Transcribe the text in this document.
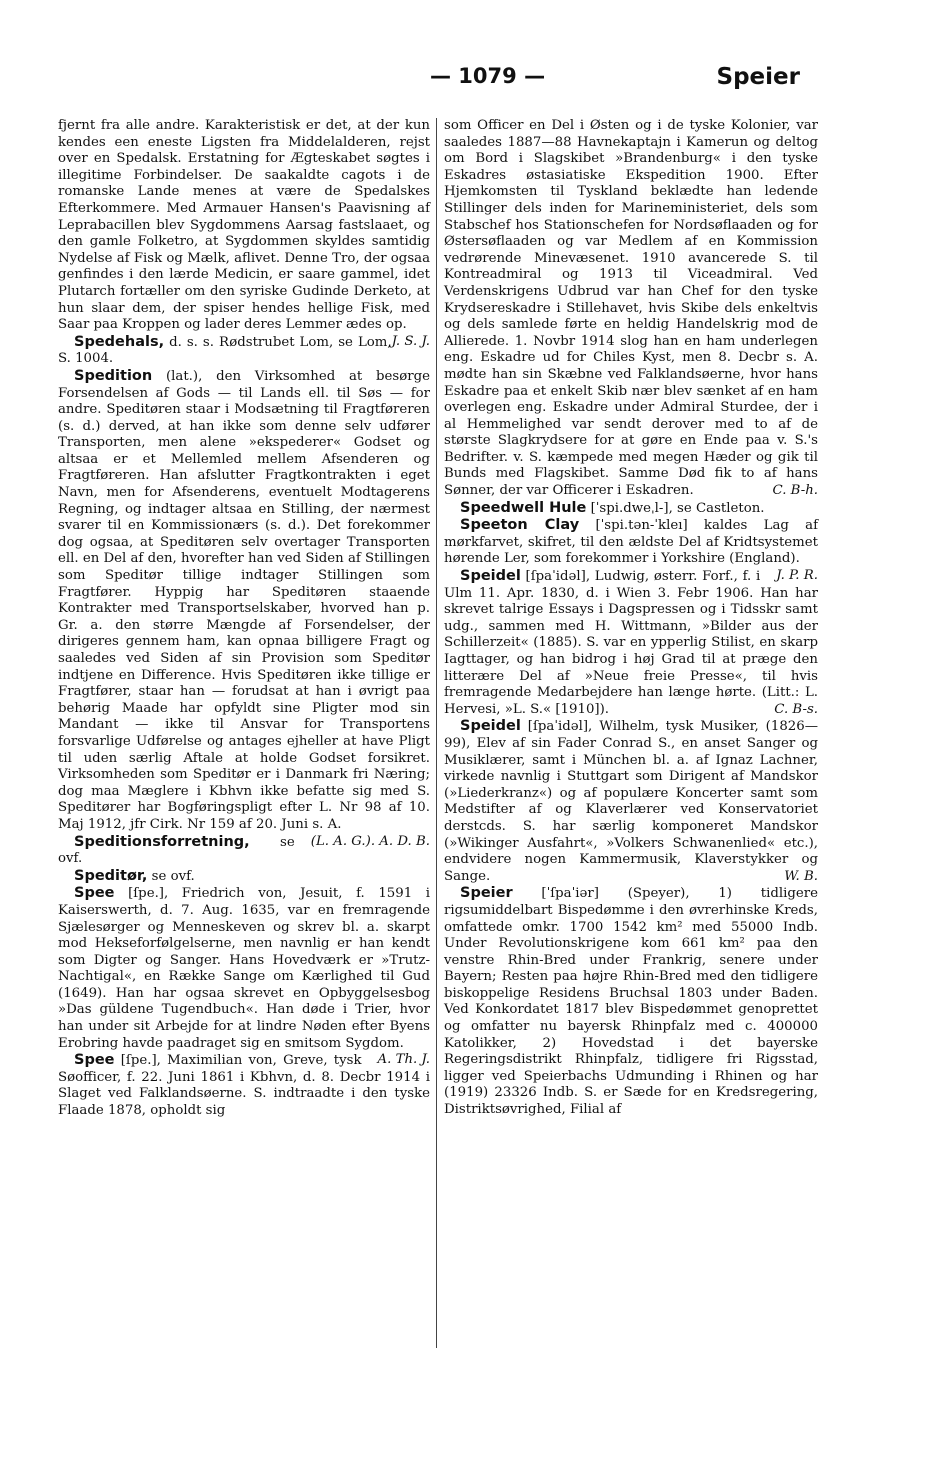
— 1079 —	Speier

fjernt fra alle andre. Karakteristisk er det, at der kun kendes een eneste Ligsten fra Middelalderen, rejst over en Spedalsk. Erstatning for Ægteskabet søgtes i illegitime Forbindelser. De saakaldte cagots i de romanske Lande menes at være de Spedalskes Efterkommere. Med Armauer Hansen's Paavisning af Leprabacillen blev Sygdommens Aarsag fastslaaet, og den gamle Folketro, at Sygdommen skyldes samtidig Nydelse af Fisk og Mælk, aflivet. Denne Tro, der ogsaa genfindes i den lærde Medicin, er saare gammel, idet Plutarch fortæller om den syriske Gudinde Derketo, at hun slaar dem, der spiser hendes hellige Fisk, med Saar paa Kroppen og lader deres Lemmer ædes op.
J. S. J.

Spedehals, d. s. s. Rødstrubet Lom, se Lom, S. 1004.

Spedition (lat.), den Virksomhed at besørge Forsendelsen af Gods — til Lands ell. til Søs — for andre. Speditøren staar i Modsætning til Fragtføreren (s. d.) derved, at han ikke som denne selv udfører Transporten, men alene »ekspederer« Godset og altsaa er et Mellemled mellem Afsenderen og Fragtføreren. Han afslutter Fragtkontrakten i eget Navn, men for Afsenderens, eventuelt Modtagerens Regning, og indtager altsaa en Stilling, der nærmest svarer til en Kommissionærs (s. d.). Det forekommer dog ogsaa, at Speditøren selv overtager Transporten ell. en Del af den, hvorefter han ved Siden af Stillingen som Speditør tillige indtager Stillingen som Fragtfører. Hyppig har Speditøren staaende Kontrakter med Transportselskaber, hvorved han p. Gr. a. den større Mængde af Forsendelser, der dirigeres gennem ham, kan opnaa billigere Fragt og saaledes ved Siden af sin Provision som Speditør indtjene en Difference. Hvis Speditøren ikke tillige er Fragtfører, staar han — forudsat at han i øvrigt paa behørig Maade har opfyldt sine Pligter mod sin Mandant — ikke til Ansvar for Transportens forsvarlige Udførelse og antages ejheller at have Pligt til uden særlig Aftale at holde Godset forsikret. Virksomheden som Speditør er i Danmark fri Næring; dog maa Mæglere i Kbhvn ikke befatte sig med S. Speditører har Bogføringspligt efter L. Nr 98 af 10. Maj 1912, jfr Cirk. Nr 159 af 20. Juni s. A.
(L. A. G.). A. D. B.

Speditionsforretning, se ovf.

Speditør, se ovf.

Spee [ſpe.], Friedrich von, Jesuit, f. 1591 i Kaiserswerth, d. 7. Aug. 1635, var en fremragende Sjælesørger og Menneskeven og skrev bl. a. skarpt mod Hekseforfølgelserne, men navnlig er han kendt som Digter og Sanger. Hans Hovedværk er »Trutz-Nachtigal«, en Række Sange om Kærlighed til Gud (1649). Han har ogsaa skrevet en Opbyggelsesbog »Das güldene Tugendbuch«. Han døde i Trier, hvor han under sit Arbejde for at lindre Nøden efter Byens Erobring havde paadraget sig en smitsom Sygdom.
A. Th. J.

Spee [ſpe.], Maximilian von, Greve, tysk Søofficer, f. 22. Juni 1861 i Kbhvn, d. 8. Decbr 1914 i Slaget ved Falklandsøerne. S. indtraadte i den tyske Flaade 1878, opholdt sig

som Officer en Del i Østen og i de tyske Kolonier, var saaledes 1887—88 Havnekaptajn i Kamerun og deltog om Bord i Slagskibet »Brandenburg« i den tyske Eskadres østasiatiske Ekspedition 1900. Efter Hjemkomsten til Tyskland beklædte han ledende Stillinger dels inden for Marineministeriet, dels som Stabschef hos Stationschefen for Nordsøflaaden og for Østersøflaaden og var Medlem af en Kommission vedrørende Minevæsenet. 1910 avancerede S. til Kontreadmiral og 1913 til Viceadmiral. Ved Verdenskrigens Udbrud var han Chef for den tyske Krydsereskadre i Stillehavet, hvis Skibe dels enkeltvis og dels samlede førte en heldig Handelskrig mod de Allierede. 1. Novbr 1914 slog han en ham underlegen eng. Eskadre ud for Chiles Kyst, men 8. Decbr s. A. mødte han sin Skæbne ved Falklandsøerne, hvor hans Eskadre paa et enkelt Skib nær blev sænket af en ham overlegen eng. Eskadre under Admiral Sturdee, der i al Hemmelighed var sendt derover med to af de største Slagkrydsere for at gøre en Ende paa v. S.'s Bedrifter. v. S. kæmpede med megen Hæder og gik til Bunds med Flagskibet. Samme Død fik to af hans Sønner, der var Officerer i Eskadren.	C. B-h.

Speedwell Hule [ˈspi.dweˌl-], se Castleton.

Speeton Clay [ˈspi.tən-ˈkleı] kaldes Lag af mørkfarvet, skifret, til den ældste Del af Kridtsystemet hørende Ler, som forekommer i Yorkshire (England).
J. P. R.

Speidel [ſpaˈidəl], Ludwig, østerr. Forf., f. i Ulm 11. Apr. 1830, d. i Wien 3. Febr 1906. Han har skrevet talrige Essays i Dagspressen og i Tidsskr samt udg., sammen med H. Wittmann, »Bilder aus der Schillerzeit« (1885). S. var en ypperlig Stilist, en skarp Iagttager, og han bidrog i høj Grad til at præge den litterære Del af »Neue freie Presse«, til hvis fremragende Medarbejdere han længe hørte. (Litt.: L. Hervesi, »L. S.« [1910]).	C. B-s.

Speidel [ſpaˈidəl], Wilhelm, tysk Musiker, (1826—99), Elev af sin Fader Conrad S., en anset Sanger og Musiklærer, samt i München bl. a. af Ignaz Lachner, virkede navnlig i Stuttgart som Dirigent af Mandskor (»Liederkranz«) og af populære Koncerter samt som Medstifter af og Klaverlærer ved Konservatoriet derstcds. S. har særlig komponeret Mandskor (»Wikinger Ausfahrt«, »Volkers Schwanenlied« etc.), endvidere nogen Kammermusik, Klaverstykker og Sange.	W. B.

Speier [ˈſpaˈiər] (Speyer), 1) tidligere rigsumiddelbart Bispedømme i den øvrerhinske Kreds, omfattede omkr. 1700 1542 km² med 55000 Indb. Under Revolutionskrigene kom 661 km² paa den venstre Rhin-Bred under Frankrig, senere under Bayern; Resten paa højre Rhin-Bred med den tidligere biskoppelige Residens Bruchsal 1803 under Baden. Ved Konkordatet 1817 blev Bispedømmet genoprettet og omfatter nu bayersk Rhinpfalz med c. 400000 Katolikker, 2) Hovedstad i det bayerske Regeringsdistrikt Rhinpfalz, tidligere fri Rigsstad, ligger ved Speierbachs Udmunding i Rhinen og har (1919) 23326 Indb. S. er Sæde for en Kredsregering, Distriktsøvrighed, Filial af
